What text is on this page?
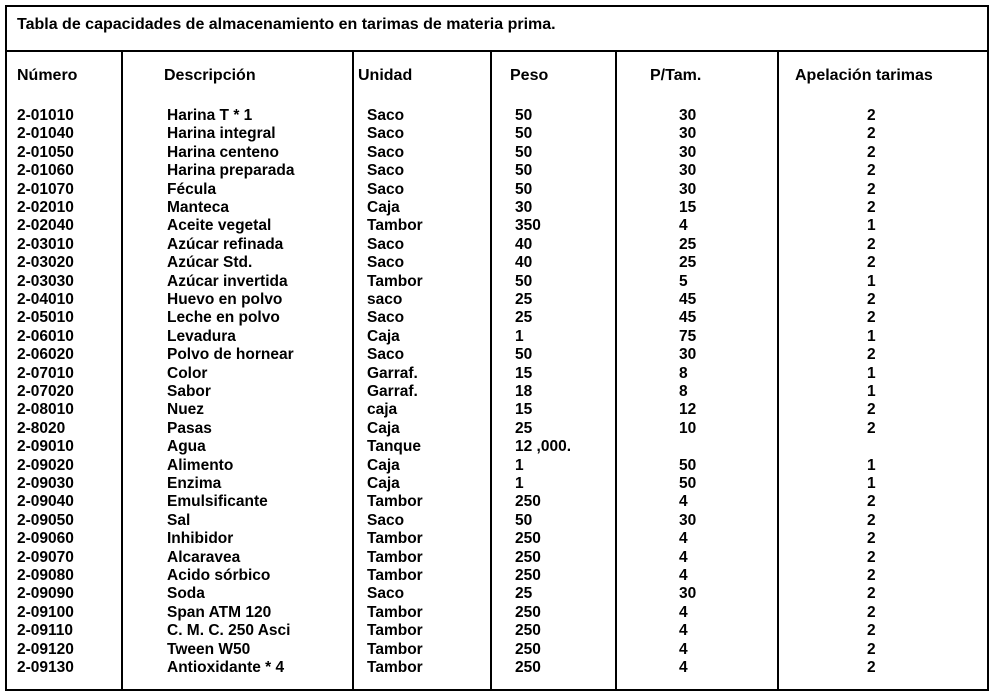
Tabla de capacidades de almacenamiento en tarimas de materia prima.
Número	Descripción	Unidad	Peso	P/Tam.	Apelación tarimas
2-01010	Harina T * 1	Saco	50	30	2
2-01040	Harina integral	Saco	50	30	2
2-01050	Harina centeno	Saco	50	30	2
2-01060	Harina preparada	Saco	50	30	2
2-01070	Fécula	Saco	50	30	2
2-02010	Manteca	Caja	30	15	2
2-02040	Aceite vegetal	Tambor	350	4	1
2-03010	Azúcar refinada	Saco	40	25	2
2-03020	Azúcar Std.	Saco	40	25	2
2-03030	Azúcar invertida	Tambor	50	5	1
2-04010	Huevo en polvo	saco	25	45	2
2-05010	Leche en polvo	Saco	25	45	2
2-06010	Levadura	Caja	1	75	1
2-06020	Polvo de hornear	Saco	50	30	2
2-07010	Color	Garraf.	15	8	1
2-07020	Sabor	Garraf.	18	8	1
2-08010	Nuez	caja	15	12	2
2-8020	Pasas	Caja	25	10	2
2-09010	Agua	Tanque	12 ,000.
2-09020	Alimento	Caja	1	50	1
2-09030	Enzima	Caja	1	50	1
2-09040	Emulsificante	Tambor	250	4	2
2-09050	Sal	Saco	50	30	2
2-09060	Inhibidor	Tambor	250	4	2
2-09070	Alcaravea	Tambor	250	4	2
2-09080	Acido sórbico	Tambor	250	4	2
2-09090	Soda	Saco	25	30	2
2-09100	Span ATM 120	Tambor	250	4	2
2-09110	C. M. C. 250 Asci	Tambor	250	4	2
2-09120	Tween W50	Tambor	250	4	2
2-09130	Antioxidante * 4	Tambor	250	4	2
